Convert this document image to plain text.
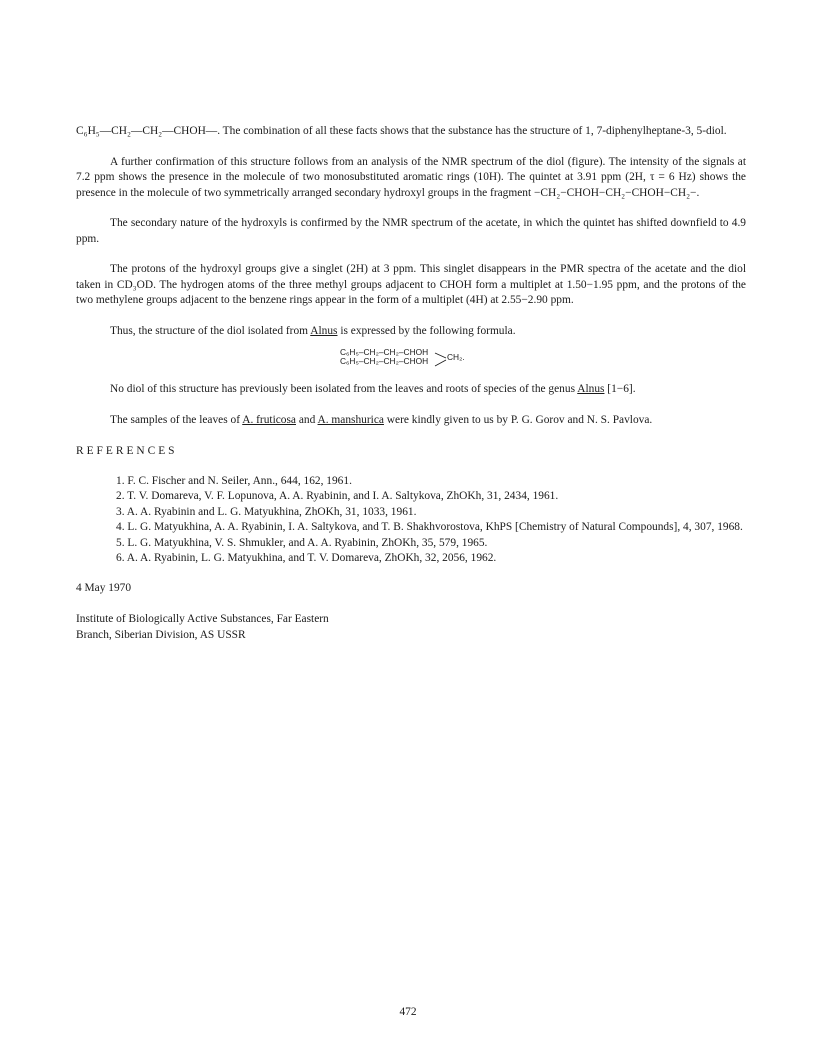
C₆H₅—CH₂—CH₂—CHOH—. The combination of all these facts shows that the substance has the structure of 1, 7-diphenylheptane-3, 5-diol.

A further confirmation of this structure follows from an analysis of the NMR spectrum of the diol (figure). The intensity of the signals at 7.2 ppm shows the presence in the molecule of two monosubstituted aromatic rings (10H). The quintet at 3.91 ppm (2H, τ = 6 Hz) shows the presence in the molecule of two symmetrically arranged secondary hydroxyl groups in the fragment −CH₂−CHOH−CH₂−CHOH−CH₂−.

The secondary nature of the hydroxyls is confirmed by the NMR spectrum of the acetate, in which the quintet has shifted downfield to 4.9 ppm.

The protons of the hydroxyl groups give a singlet (2H) at 3 ppm. This singlet disappears in the PMR spectra of the acetate and the diol taken in CD₃OD. The hydrogen atoms of the three methyl groups adjacent to CHOH form a multiplet at 1.50−1.95 ppm, and the protons of the two methylene groups adjacent to the benzene rings appear in the form of a multiplet (4H) at 2.55−2.90 ppm.

Thus, the structure of the diol isolated from Alnus is expressed by the following formula.

C₆H₅–CH₂–CH₂–CHOH
C₆H₅–CH₂–CH₂–CHOH CH₂.

No diol of this structure has previously been isolated from the leaves and roots of species of the genus Alnus [1−6].

The samples of the leaves of A. fruticosa and A. manshurica were kindly given to us by P. G. Gorov and N. S. Pavlova.

REFERENCES

1. F. C. Fischer and N. Seiler, Ann., 644, 162, 1961.
2. T. V. Domareva, V. F. Lopunova, A. A. Ryabinin, and I. A. Saltykova, ZhOKh, 31, 2434, 1961.
3. A. A. Ryabinin and L. G. Matyukhina, ZhOKh, 31, 1033, 1961.
4. L. G. Matyukhina, A. A. Ryabinin, I. A. Saltykova, and T. B. Shakhvorostova, KhPS [Chemistry of Natural Compounds], 4, 307, 1968.
5. L. G. Matyukhina, V. S. Shmukler, and A. A. Ryabinin, ZhOKh, 35, 579, 1965.
6. A. A. Ryabinin, L. G. Matyukhina, and T. V. Domareva, ZhOKh, 32, 2056, 1962.

4 May 1970

Institute of Biologically Active Substances, Far Eastern

Branch, Siberian Division, AS USSR

472
